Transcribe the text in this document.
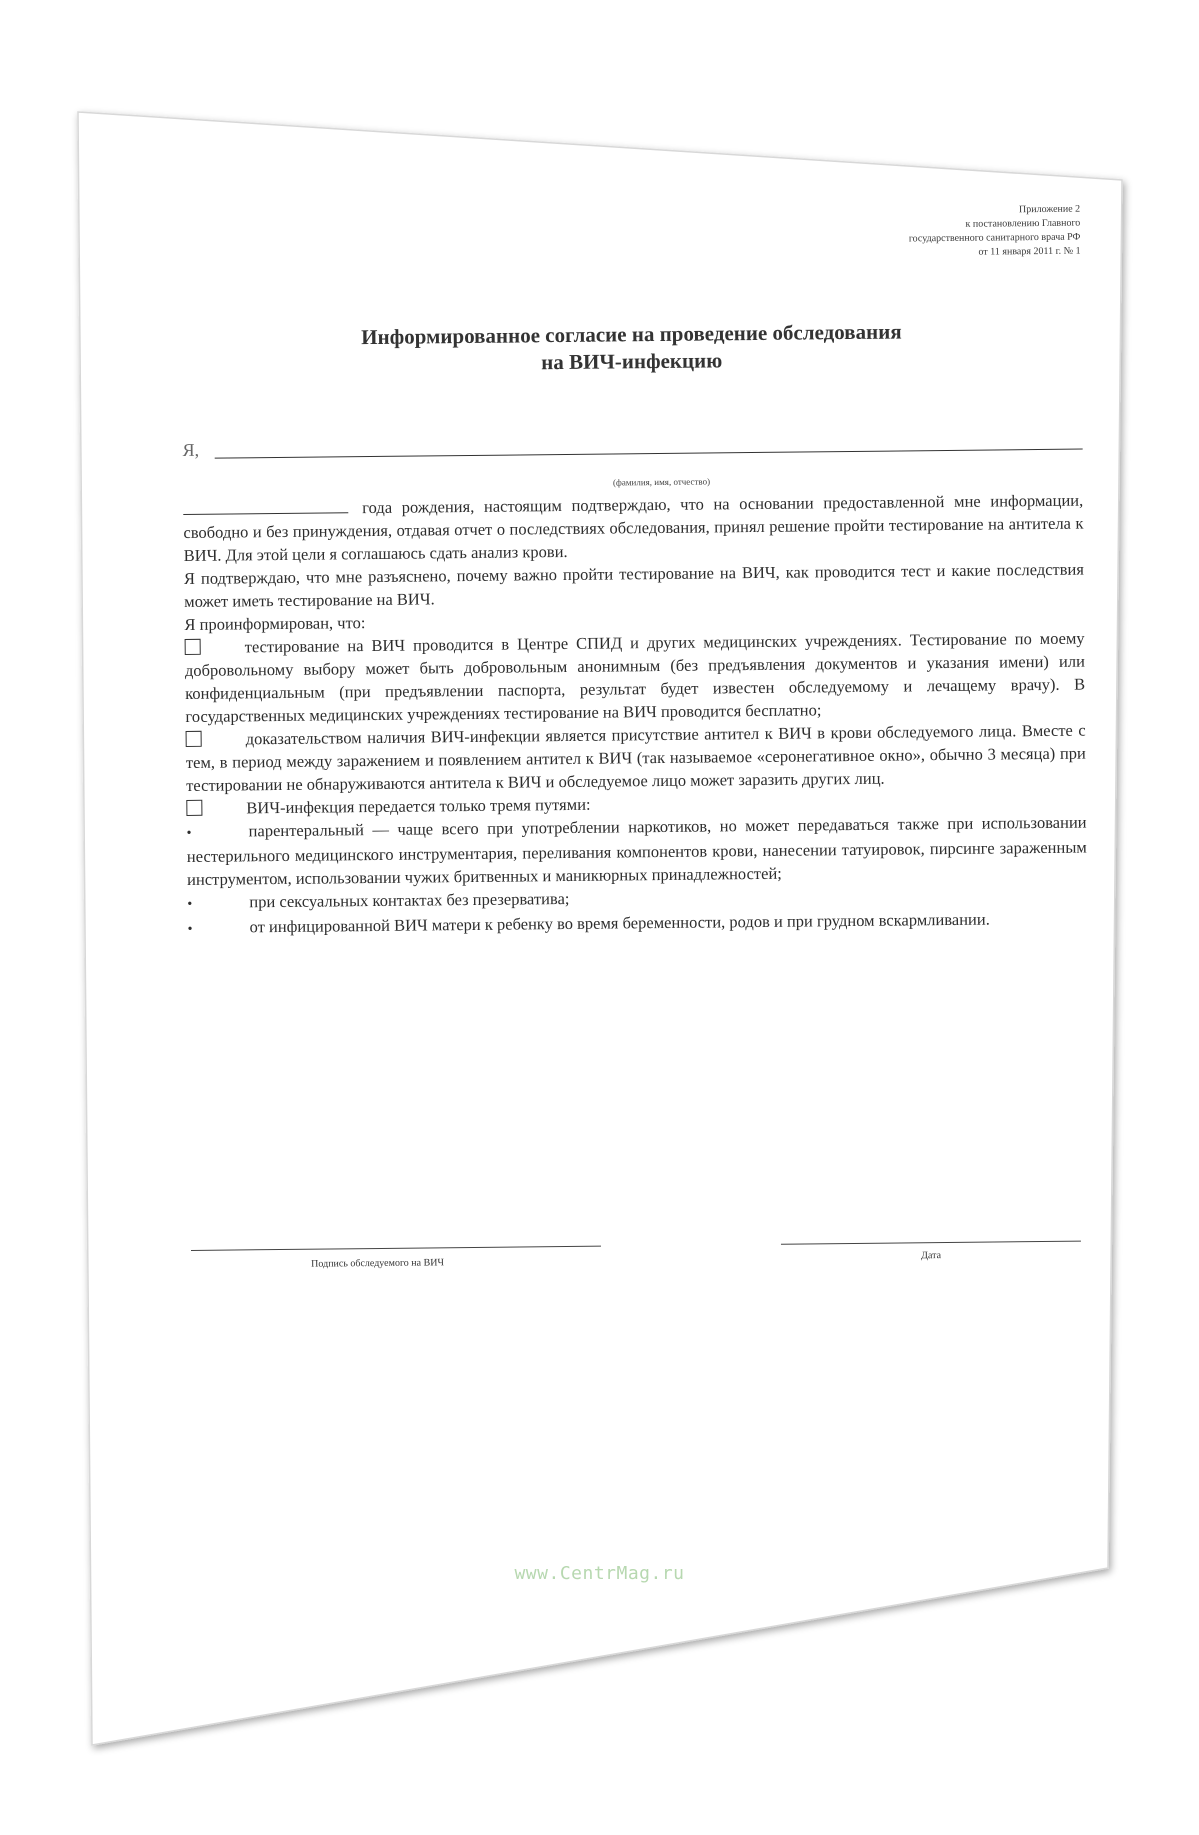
Приложение 2
к постановлению Главного
государственного санитарного врача РФ
от 11 января 2011 г. № 1
Информированное согласие на проведение обследования
на ВИЧ-инфекцию
Я,
(фамилия, имя, отчество)

года рождения, настоящим подтверждаю, что на основании предоставленной мне информации, свободно и без принуждения, отдавая отчет о последствиях обследования, принял решение пройти тестирование на антитела к ВИЧ. Для этой цели я соглашаюсь сдать анализ крови.

Я подтверждаю, что мне разъяснено, почему важно пройти тестирование на ВИЧ, как проводится тест и какие последствия может иметь тестирование на ВИЧ.

Я проинформирован, что:

тестирование на ВИЧ проводится в Центре СПИД и других медицинских учреждениях. Тестирование по моему добровольному выбору может быть добровольным анонимным (без предъявления документов и указания имени) или конфиденциальным (при предъявлении паспорта, результат будет известен обследуемому и лечащему врачу). В государственных медицинских учреждениях тестирование на ВИЧ проводится бесплатно;

доказательством наличия ВИЧ-инфекции является присутствие антител к ВИЧ в крови обследуемого лица. Вместе с тем, в период между заражением и появлением антител к ВИЧ (так называемое «серонегативное окно», обычно 3 месяца) при тестировании не обнаруживаются антитела к ВИЧ и обследуемое лицо может заразить других лиц.

ВИЧ-инфекция передается только тремя путями:

•	парентеральный — чаще всего при употреблении наркотиков, но может передаваться также при использовании нестерильного медицинского инструментария, переливания компонентов крови, нанесении татуировок, пирсинге зараженным инструментом, использовании чужих бритвенных и маникюрных принадлежностей;

•	при сексуальных контактах без презерватива;

•	от инфицированной ВИЧ матери к ребенку во время беременности, родов и при грудном вскармливании.

Подпись обследуемого на ВИЧ
Дата
www.CentrMag.ru
